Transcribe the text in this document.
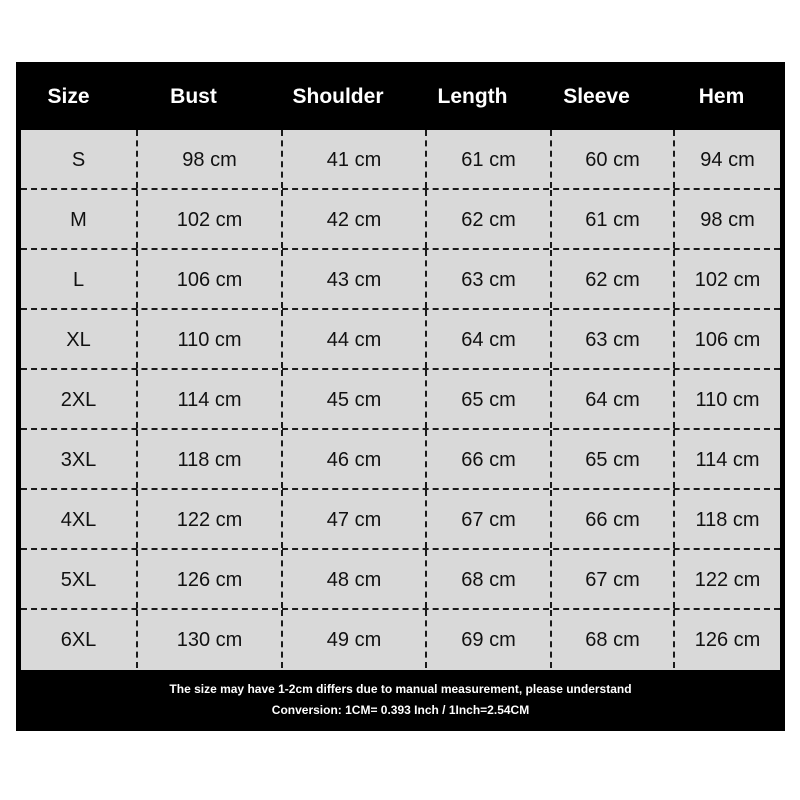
Size	Bust	Shoulder	Length	Sleeve	Hem
S	98 cm	41 cm	61 cm	60 cm	94 cm
M	102 cm	42 cm	62 cm	61 cm	98 cm
L	106 cm	43 cm	63 cm	62 cm	102 cm
XL	110 cm	44 cm	64 cm	63 cm	106 cm
2XL	114 cm	45 cm	65 cm	64 cm	110 cm
3XL	118 cm	46 cm	66 cm	65 cm	114 cm
4XL	122 cm	47 cm	67 cm	66 cm	118 cm
5XL	126 cm	48 cm	68 cm	67 cm	122 cm
6XL	130 cm	49 cm	69 cm	68 cm	126 cm
The size may have 1-2cm differs due to manual measurement, please understand
Conversion: 1CM= 0.393 Inch / 1Inch=2.54CM
